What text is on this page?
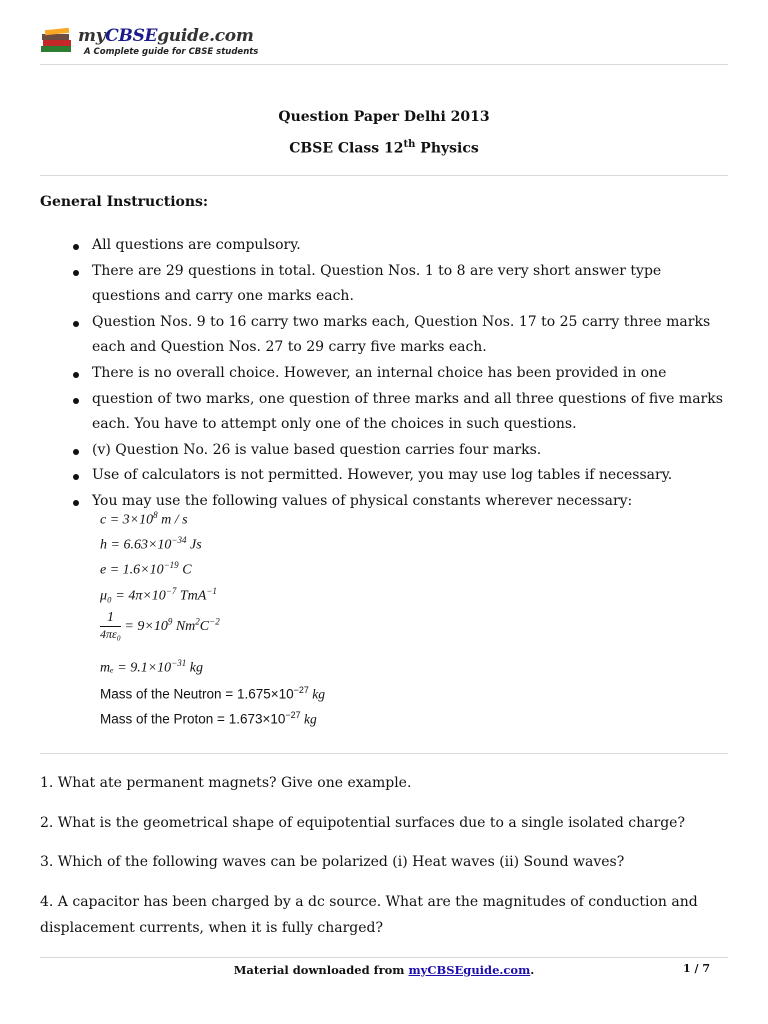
myCBSEguide.com
A Complete guide for CBSE students
Question Paper Delhi 2013
CBSE Class 12th Physics
General Instructions:
All questions are compulsory.
There are 29 questions in total. Question Nos. 1 to 8 are very short answer type questions and carry one marks each.
Question Nos. 9 to 16 carry two marks each, Question Nos. 17 to 25 carry three marks each and Question Nos. 27 to 29 carry five marks each.
There is no overall choice. However, an internal choice has been provided in one
question of two marks, one question of three marks and all three questions of five marks each. You have to attempt only one of the choices in such questions.
(v) Question No. 26 is value based question carries four marks.
Use of calculators is not permitted. However, you may use log tables if necessary.
You may use the following values of physical constants wherever necessary:
$c = 3\times 10^8$ m / s
$h = 6.63\times 10^{-34}$ Js
$e = 1.6\times 10^{-19}$ C
$\mu_0 = 4\pi\times 10^{-7}$ TmA$^{-1}$
$\frac{1}{\text{4πε₀}} = 9\times 10^9$ $Nm^2C^{-2}$
$m_e = 9.1\times 10^{-31}$ kg
Mass of the Neutron = $1.675\times 10^{-27}$ kg
Mass of the Proton = $1.673\times 10^{-27}$ kg
1. What ate permanent magnets? Give one example.
2. What is the geometrical shape of equipotential surfaces due to a single isolated charge?
3. Which of the following waves can be polarized (i) Heat waves (ii) Sound waves?
4. A capacitor has been charged by a dc source. What are the magnitudes of conduction and displacement currents, when it is fully charged?
Material downloaded from myCBSEguide.com.	1 / 7
